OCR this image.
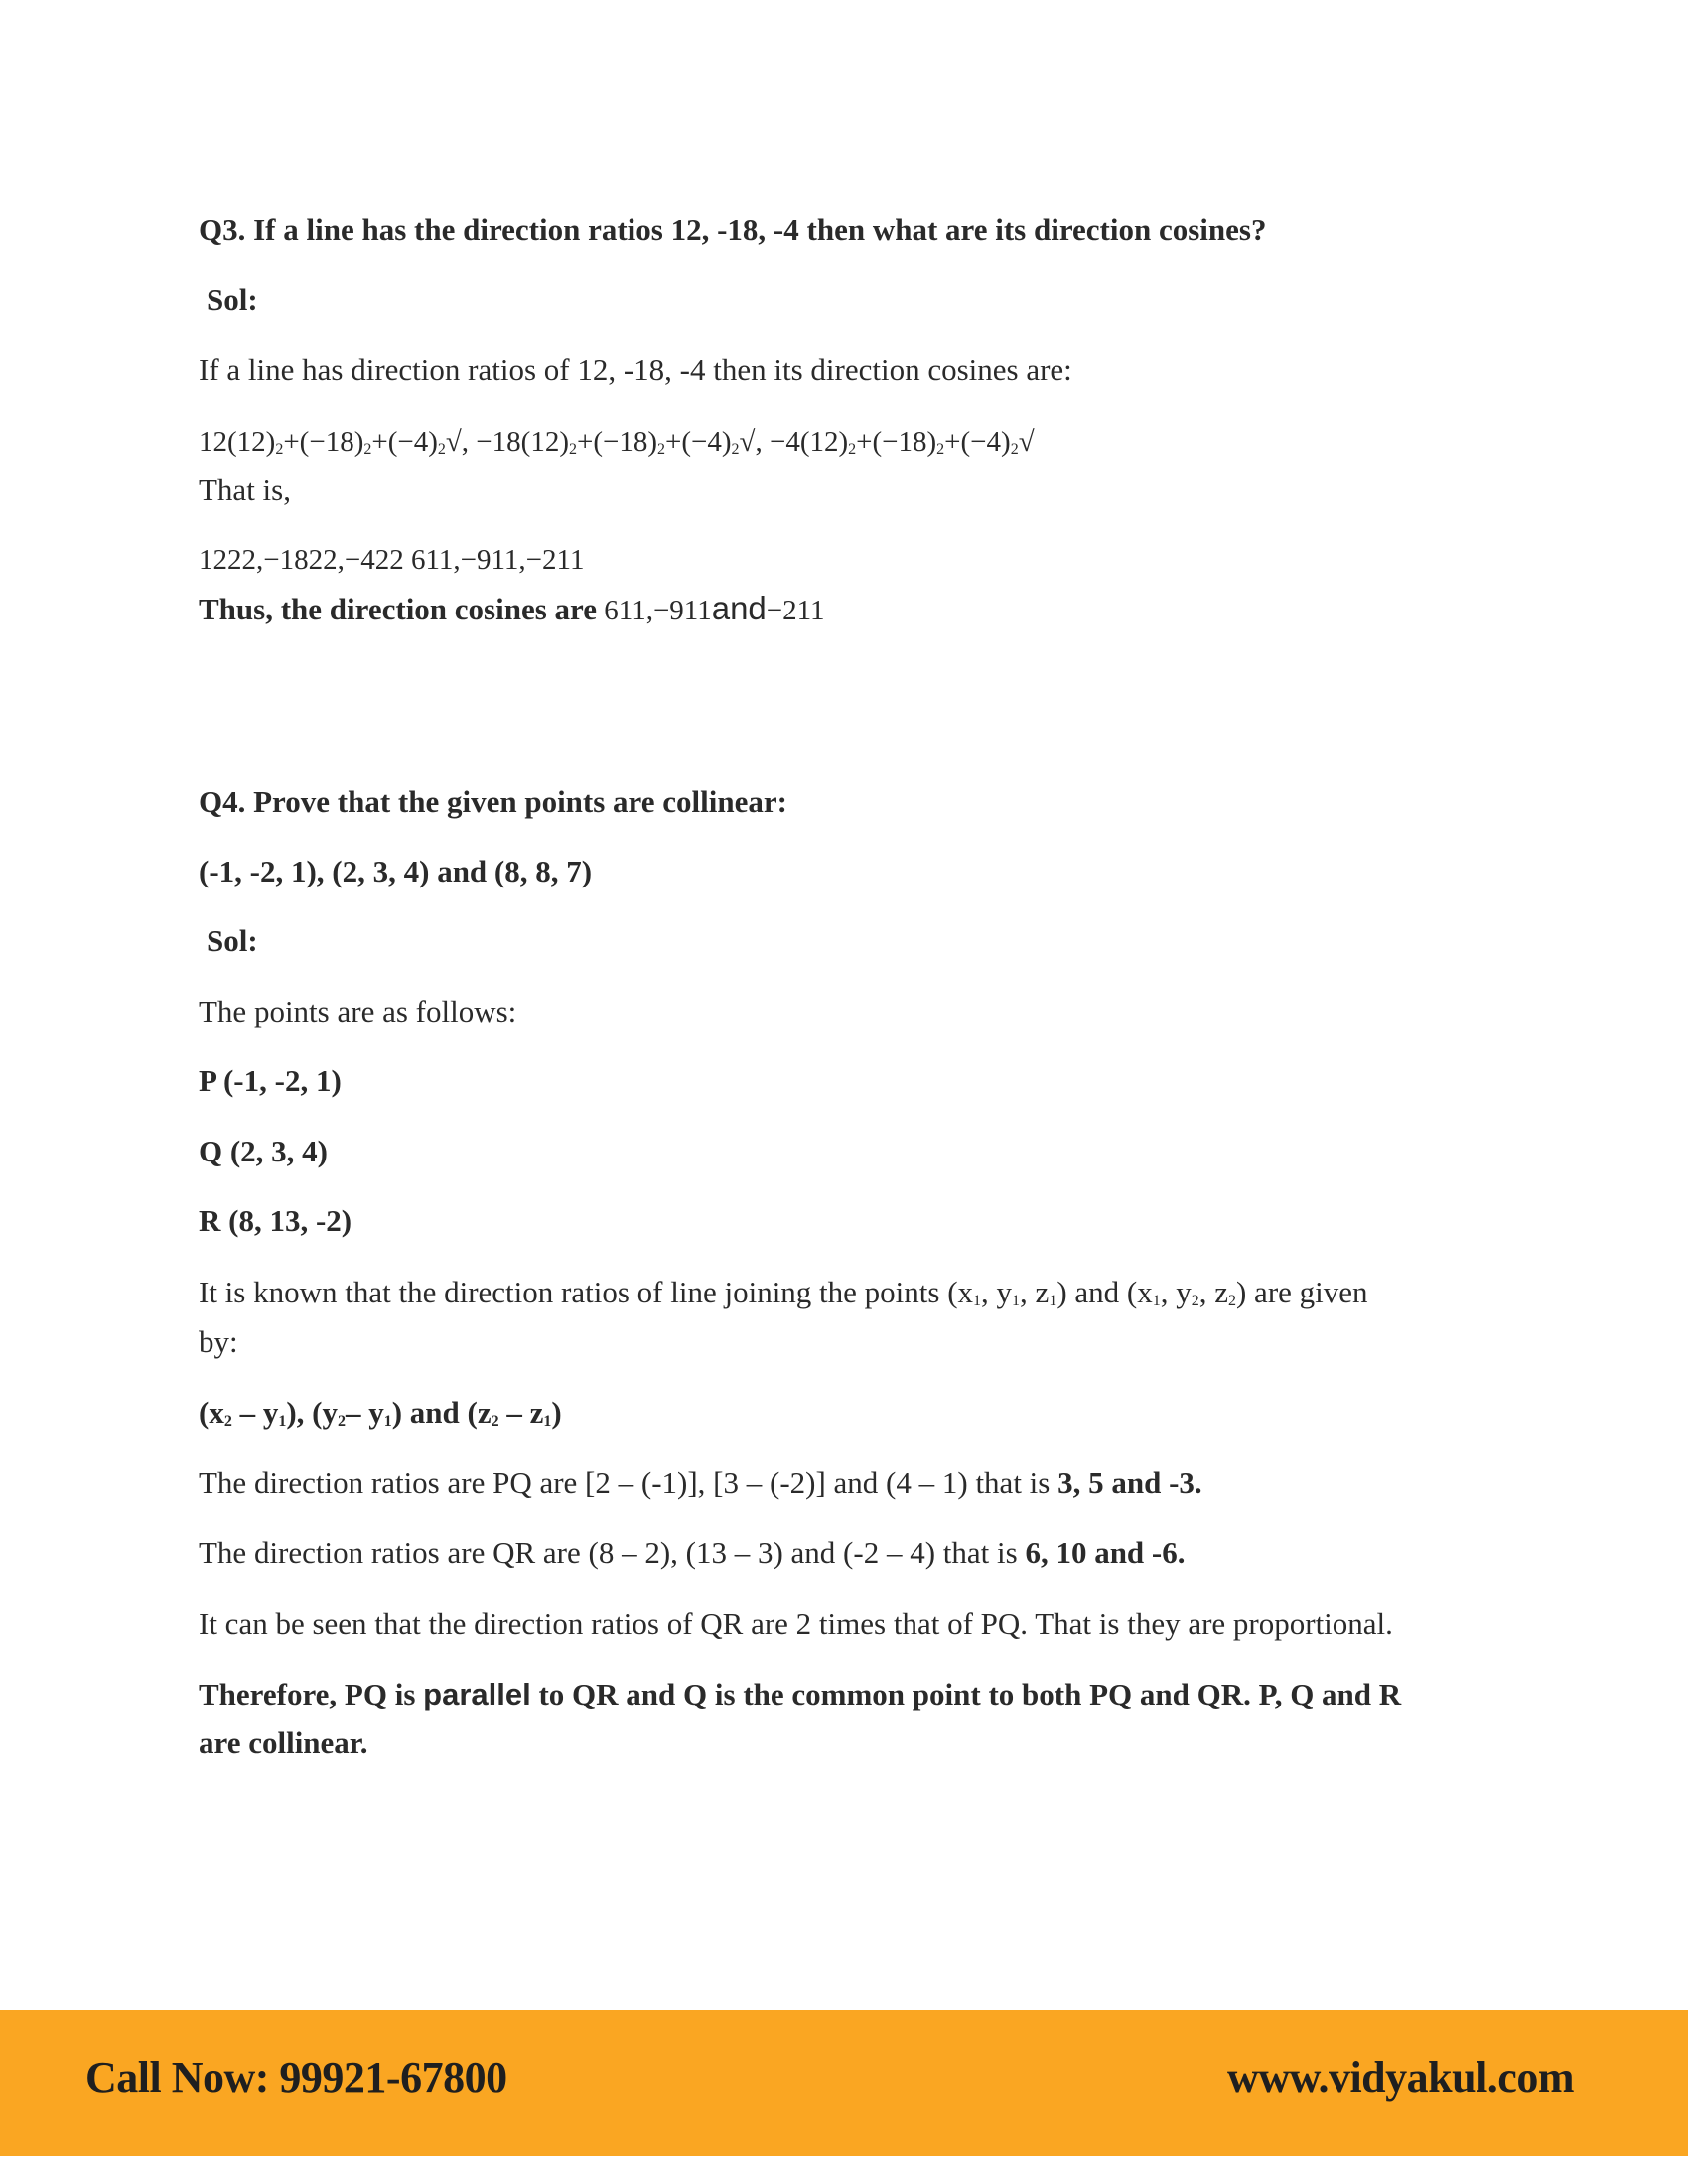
Q3. If a line has the direction ratios 12, -18, -4 then what are its direction cosines?
Sol:
If a line has direction ratios of 12, -18, -4 then its direction cosines are:
$12(12)_2+(-18)_2+(-4)_2√$, $-18(12)_2+(-18)_2+(-4)_2√$, $-4(12)_2+(-18)_2+(-4)_2√$
That is,
1222,−1822,−422 611,−911,−211
Thus, the direction cosines are 611,−911and−211
Q4. Prove that the given points are collinear:
(-1, -2, 1), (2, 3, 4) and (8, 8, 7)
Sol:
The points are as follows:
P (-1, -2, 1)
Q (2, 3, 4)
R (8, 13, -2)
It is known that the direction ratios of line joining the points ($x_1$, $y_1$, $z_1$) and ($x_1$, $y_2$, $z_2$) are given
by:
$(x_2 - y_1)$, ($y_2-$ $y_1$) and $(z_2 - z_1)$
The direction ratios are PQ are [2 – (-1)], [3 – (-2)] and (4 – 1) that is 3, 5 and -3.
The direction ratios are QR are (8 – 2), (13 – 3) and (-2 – 4) that is 6, 10 and -6.
It can be seen that the direction ratios of QR are 2 times that of PQ. That is they are proportional.
Therefore, PQ is parallel to QR and Q is the common point to both PQ and QR. P, Q and R
are collinear.
Call Now: 99921-67800	www.vidyakul.com
